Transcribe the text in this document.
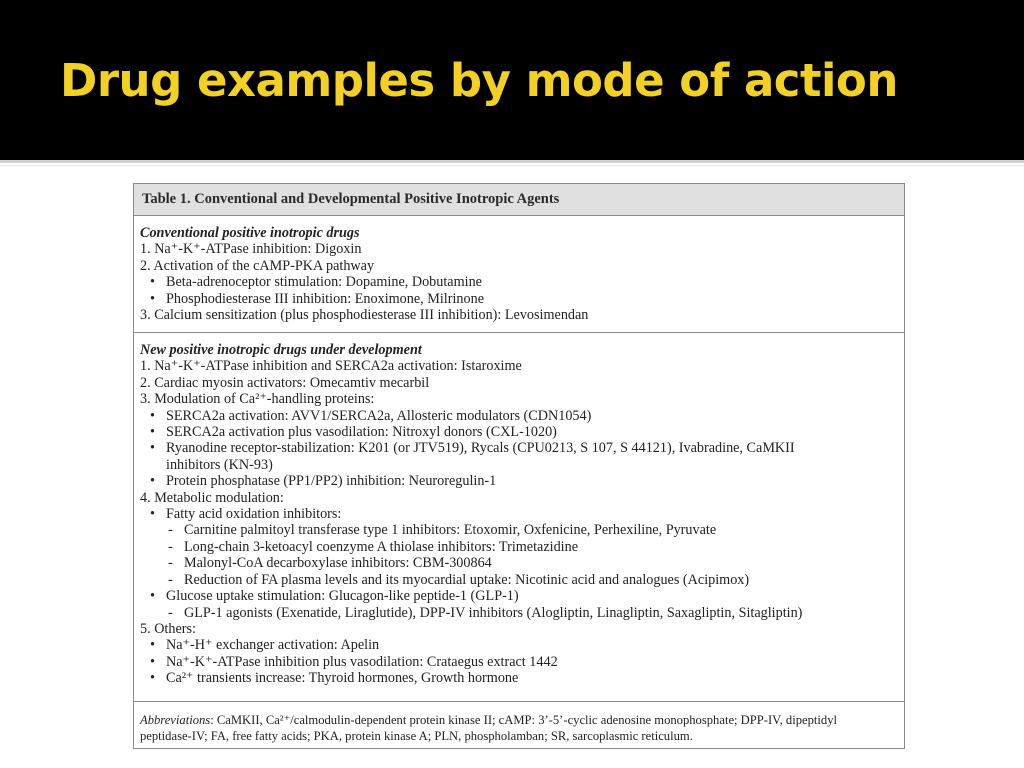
Drug examples by mode of action

Table 1. Conventional and Developmental Positive Inotropic Agents

Conventional positive inotropic drugs
1. Na⁺-K⁺-ATPase inhibition: Digoxin
2. Activation of the cAMP-PKA pathway
• Beta-adrenoceptor stimulation: Dopamine, Dobutamine
• Phosphodiesterase III inhibition: Enoximone, Milrinone
3. Calcium sensitization (plus phosphodiesterase III inhibition): Levosimendan
New positive inotropic drugs under development
1. Na⁺-K⁺-ATPase inhibition and SERCA2a activation: Istaroxime
2. Cardiac myosin activators: Omecamtiv mecarbil
3. Modulation of Ca²⁺-handling proteins:
• SERCA2a activation: AVV1/SERCA2a, Allosteric modulators (CDN1054)
• SERCA2a activation plus vasodilation: Nitroxyl donors (CXL-1020)
• Ryanodine receptor-stabilization: K201 (or JTV519), Rycals (CPU0213, S 107, S 44121), Ivabradine, CaMKII
inhibitors (KN-93)
• Protein phosphatase (PP1/PP2) inhibition: Neuroregulin-1
4. Metabolic modulation:
• Fatty acid oxidation inhibitors:
- Carnitine palmitoyl transferase type 1 inhibitors: Etoxomir, Oxfenicine, Perhexiline, Pyruvate
- Long-chain 3-ketoacyl coenzyme A thiolase inhibitors: Trimetazidine
- Malonyl-CoA decarboxylase inhibitors: CBM-300864
- Reduction of FA plasma levels and its myocardial uptake: Nicotinic acid and analogues (Acipimox)
• Glucose uptake stimulation: Glucagon-like peptide-1 (GLP-1)
- GLP-1 agonists (Exenatide, Liraglutide), DPP-IV inhibitors (Alogliptin, Linagliptin, Saxagliptin, Sitagliptin)
5. Others:
• Na⁺-H⁺ exchanger activation: Apelin
• Na⁺-K⁺-ATPase inhibition plus vasodilation: Crataegus extract 1442
• Ca²⁺ transients increase: Thyroid hormones, Growth hormone
Abbreviations: CaMKII, Ca²⁺/calmodulin-dependent protein kinase II; cAMP: 3’-5’-cyclic adenosine monophosphate; DPP-IV, dipeptidyl peptidase-IV; FA, free fatty acids; PKA, protein kinase A; PLN, phospholamban; SR, sarcoplasmic reticulum.
